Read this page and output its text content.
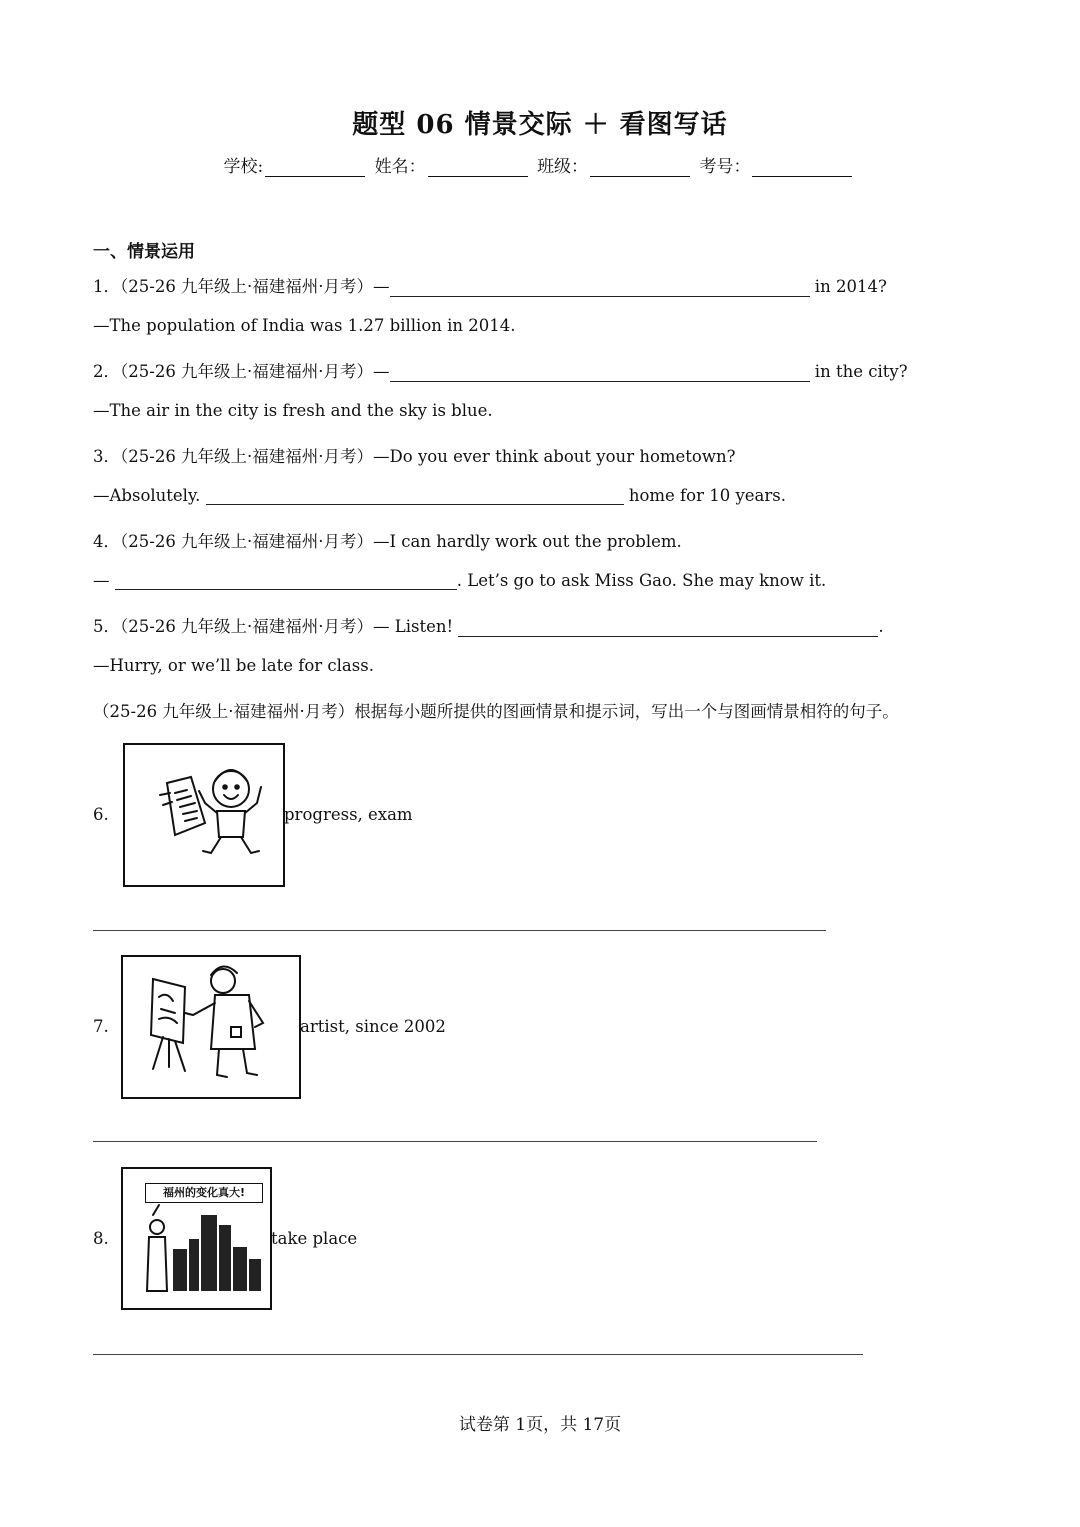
题型 06 情景交际 ＋ 看图写话
学校:	姓名：	班级：	考号：
一、情景运用
1．（25-26 九年级上·福建福州·月考）—	in 2014?
—The population of India was 1.27 billion in 2014.
2．（25-26 九年级上·福建福州·月考）—	in the city?
—The air in the city is fresh and the sky is blue.
3．（25-26 九年级上·福建福州·月考）—Do you ever think about your hometown?
—Absolutely.	home for 10 years.
4．（25-26 九年级上·福建福州·月考）—I can hardly work out the problem.
—	. Let’s go to ask Miss Gao. She may know it.
5．（25-26 九年级上·福建福州·月考）— Listen!	.
—Hurry, or we’ll be late for class.
（25-26 九年级上·福建福州·月考）根据每小题所提供的图画情景和提示词，写出一个与图画情景相符的句子。
6.	progress, exam
7.	artist, since 2002
8.
福州的变化真大!
take place
试卷第 1页，共 17页
